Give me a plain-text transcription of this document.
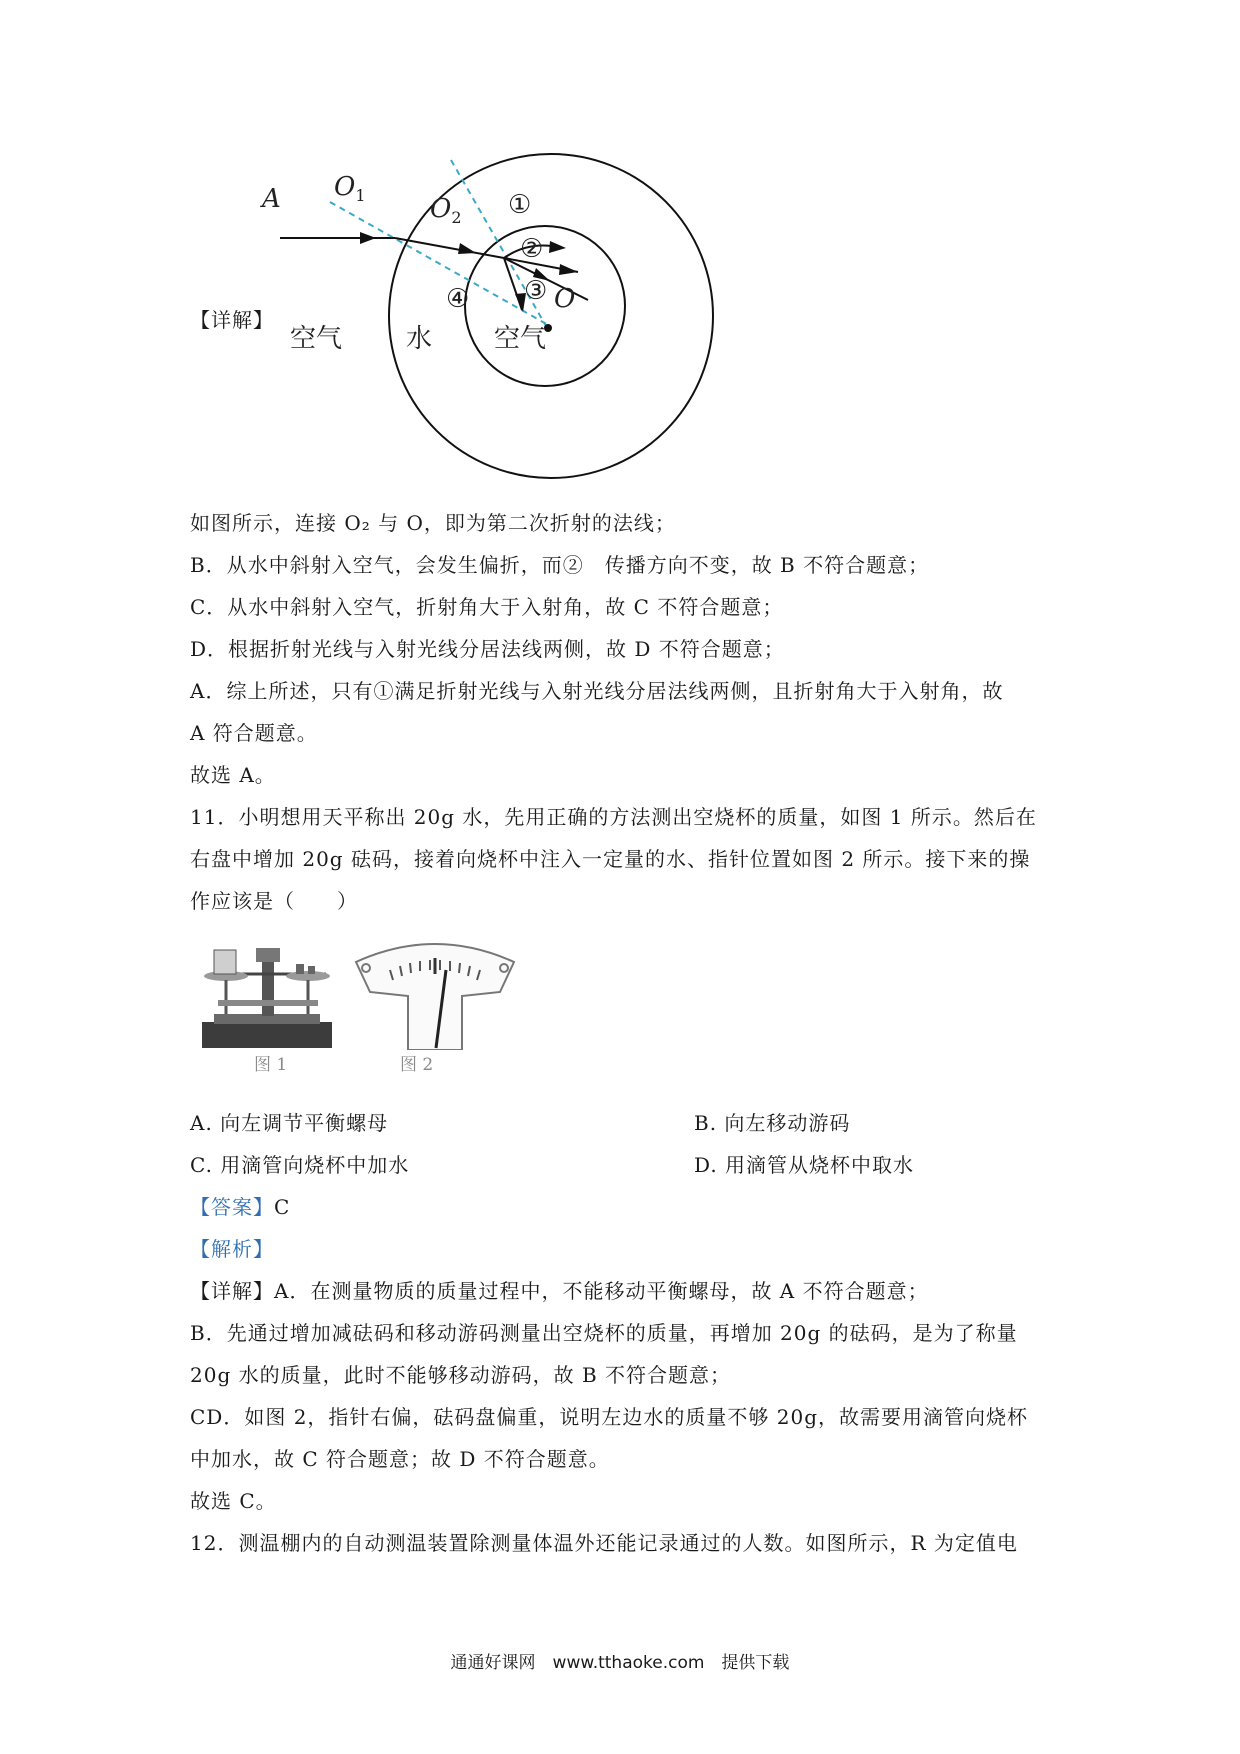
A $O_1$ $O_2$
O
①
②
③
④
空气 水 空气
【详解】
如图所示，连接 O₂ 与 O，即为第二次折射的法线；
B．从水中斜射入空气，会发生偏折，而②　传播方向不变，故 B 不符合题意；
C．从水中斜射入空气，折射角大于入射角，故 C 不符合题意；
D．根据折射光线与入射光线分居法线两侧，故 D 不符合题意；
A．综上所述，只有①满足折射光线与入射光线分居法线两侧，且折射角大于入射角，故
A 符合题意。
故选 A。
11．小明想用天平称出 20g 水，先用正确的方法测出空烧杯的质量，如图 1 所示。然后在
右盘中增加 20g 砝码，接着向烧杯中注入一定量的水、指针位置如图 2 所示。接下来的操
作应该是（　　）
图 1	图 2
A. 向左调节平衡螺母	B. 向左移动游码
C. 用滴管向烧杯中加水	D. 用滴管从烧杯中取水
【答案】C
【解析】
【详解】A．在测量物质的质量过程中，不能移动平衡螺母，故 A 不符合题意；
B．先通过增加减砝码和移动游码测量出空烧杯的质量，再增加 20g 的砝码，是为了称量
20g 水的质量，此时不能够移动游码，故 B 不符合题意；
CD．如图 2，指针右偏，砝码盘偏重，说明左边水的质量不够 20g，故需要用滴管向烧杯
中加水，故 C 符合题意；故 D 不符合题意。
故选 C。
12．测温棚内的自动测温装置除测量体温外还能记录通过的人数。如图所示，R 为定值电
通通好课网　www.tthaoke.com　提供下载
